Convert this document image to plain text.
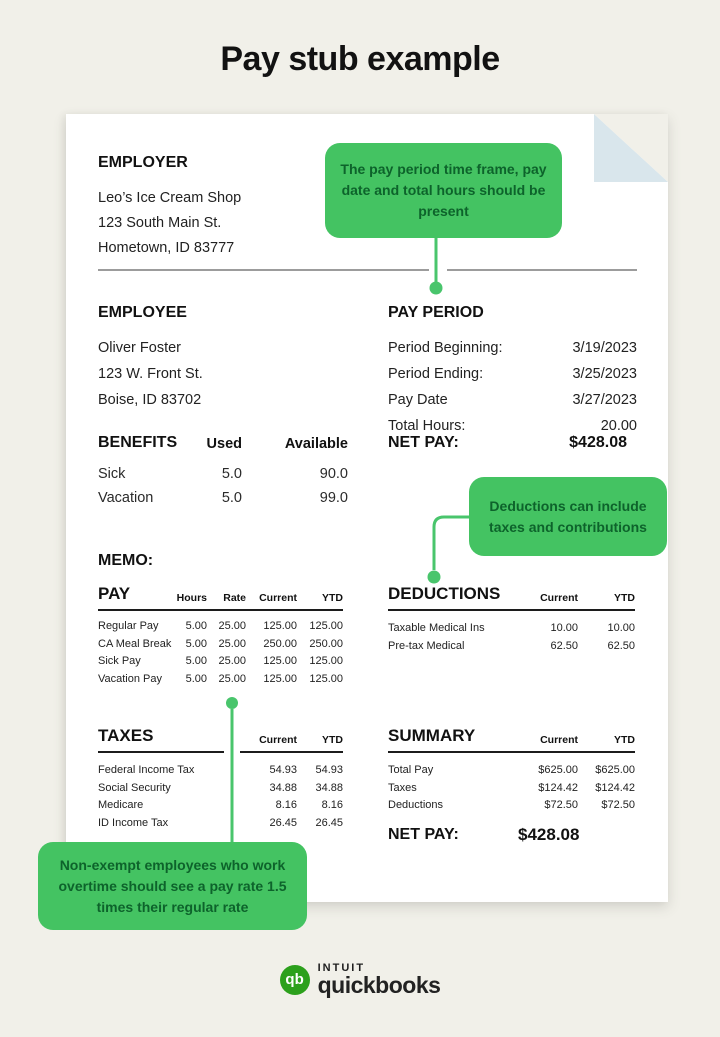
Pay stub example
EMPLOYER
Leo’s Ice Cream Shop
123 South Main St.
Hometown, ID 83777
EMPLOYEE
Oliver Foster
123 W. Front St.
Boise, ID 83702
PAY PERIOD
Period Beginning:	3/19/2023
Period Ending:	3/25/2023
Pay Date	3/27/2023
Total Hours:	20.00
BENEFITS	Used	Available
Sick	5.0	90.0
Vacation	5.0	99.0
NET PAY:	$428.08
MEMO:
PAY	Hours	Rate	Current	YTD
Regular Pay	5.00	25.00	125.00	125.00
CA Meal Break	5.00	25.00	250.00	250.00
Sick Pay	5.00	25.00	125.00	125.00
Vacation Pay	5.00	25.00	125.00	125.00
DEDUCTIONS	Current	YTD
Taxable Medical Ins	10.00	10.00
Pre-tax Medical	62.50	62.50
TAXES	Current	YTD
Federal Income Tax	54.93	54.93
Social Security	34.88	34.88
Medicare	8.16	8.16
ID Income Tax	26.45	26.45
SUMMARY	Current	YTD
Total Pay	$625.00	$625.00
Taxes	$124.42	$124.42
Deductions	$72.50	$72.50
NET PAY:	$428.08
The pay period time frame, pay date and total hours should be present
Deductions can include taxes and contributions
Non-exempt employees who work overtime should see a pay rate 1.5 times their regular rate
qb
INTUIT
quickbooks
